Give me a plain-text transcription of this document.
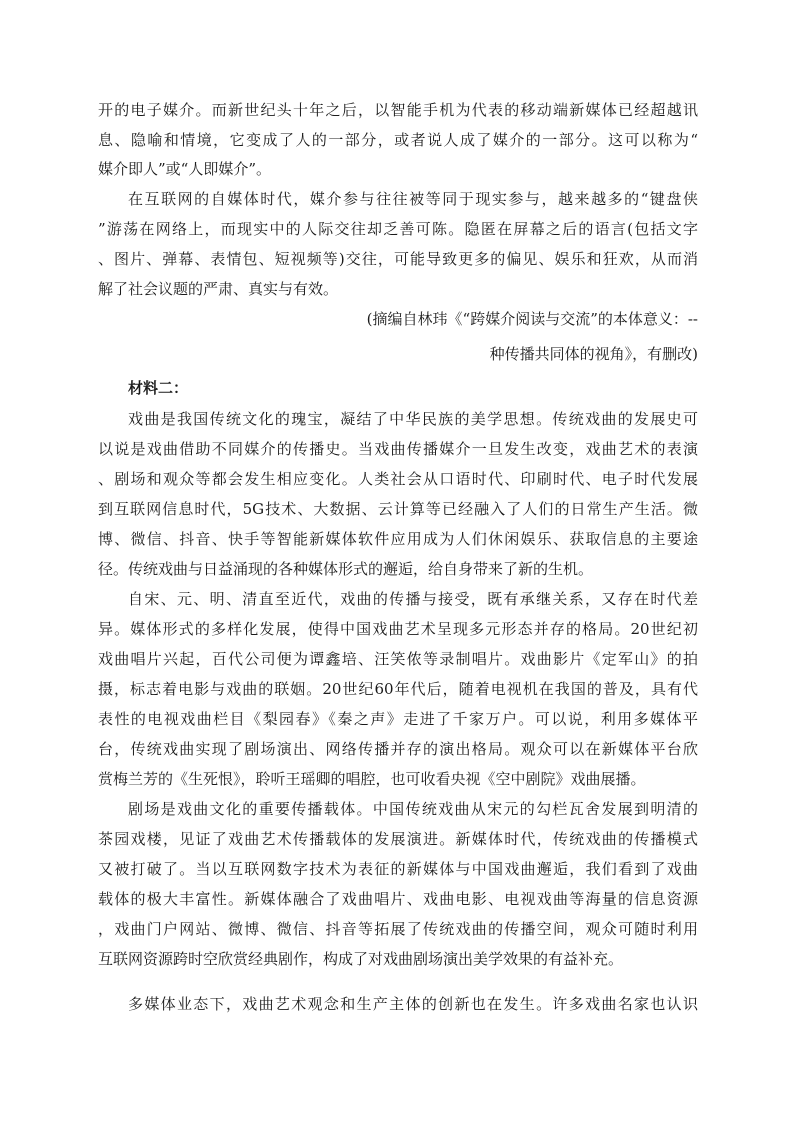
开的电子媒介。而新世纪头十年之后，以智能手机为代表的移动端新媒体已经超越讯
息、隐喻和情境，它变成了人的一部分，或者说人成了媒介的一部分。这可以称为“
媒介即人”或“人即媒介”。
在互联网的自媒体时代，媒介参与往往被等同于现实参与，越来越多的“键盘侠
”游荡在网络上，而现实中的人际交往却乏善可陈。隐匿在屏幕之后的语言(包括文字
、图片、弹幕、表情包、短视频等)交往，可能导致更多的偏见、娱乐和狂欢，从而消
解了社会议题的严肃、真实与有效。
(摘编自林玮《“跨媒介阅读与交流”的本体意义：--
种传播共同体的视角》，有删改)
材料二：
戏曲是我国传统文化的瑰宝，凝结了中华民族的美学思想。传统戏曲的发展史可
以说是戏曲借助不同媒介的传播史。当戏曲传播媒介一旦发生改变，戏曲艺术的表演
、剧场和观众等都会发生相应变化。人类社会从口语时代、印刷时代、电子时代发展
到互联网信息时代，5G技术、大数据、云计算等已经融入了人们的日常生产生活。微
博、微信、抖音、快手等智能新媒体软件应用成为人们休闲娱乐、获取信息的主要途
径。传统戏曲与日益涌现的各种媒体形式的邂逅，给自身带来了新的生机。
自宋、元、明、清直至近代，戏曲的传播与接受，既有承继关系，又存在时代差
异。媒体形式的多样化发展，使得中国戏曲艺术呈现多元形态并存的格局。20世纪初
戏曲唱片兴起，百代公司便为谭鑫培、汪笑侬等录制唱片。戏曲影片《定军山》的拍
摄，标志着电影与戏曲的联姻。20世纪60年代后，随着电视机在我国的普及，具有代
表性的电视戏曲栏目《梨园春》《秦之声》走进了千家万户。可以说，利用多媒体平
台，传统戏曲实现了剧场演出、网络传播并存的演出格局。观众可以在新媒体平台欣
赏梅兰芳的《生死恨》，聆听王瑶卿的唱腔，也可收看央视《空中剧院》戏曲展播。
剧场是戏曲文化的重要传播载体。中国传统戏曲从宋元的勾栏瓦舍发展到明清的
茶园戏楼，见证了戏曲艺术传播载体的发展演进。新媒体时代，传统戏曲的传播模式
又被打破了。当以互联网数字技术为表征的新媒体与中国戏曲邂逅，我们看到了戏曲
载体的极大丰富性。新媒体融合了戏曲唱片、戏曲电影、电视戏曲等海量的信息资源
，戏曲门户网站、微博、微信、抖音等拓展了传统戏曲的传播空间，观众可随时利用
互联网资源跨时空欣赏经典剧作，构成了对戏曲剧场演出美学效果的有益补充。
多媒体业态下，戏曲艺术观念和生产主体的创新也在发生。许多戏曲名家也认识
